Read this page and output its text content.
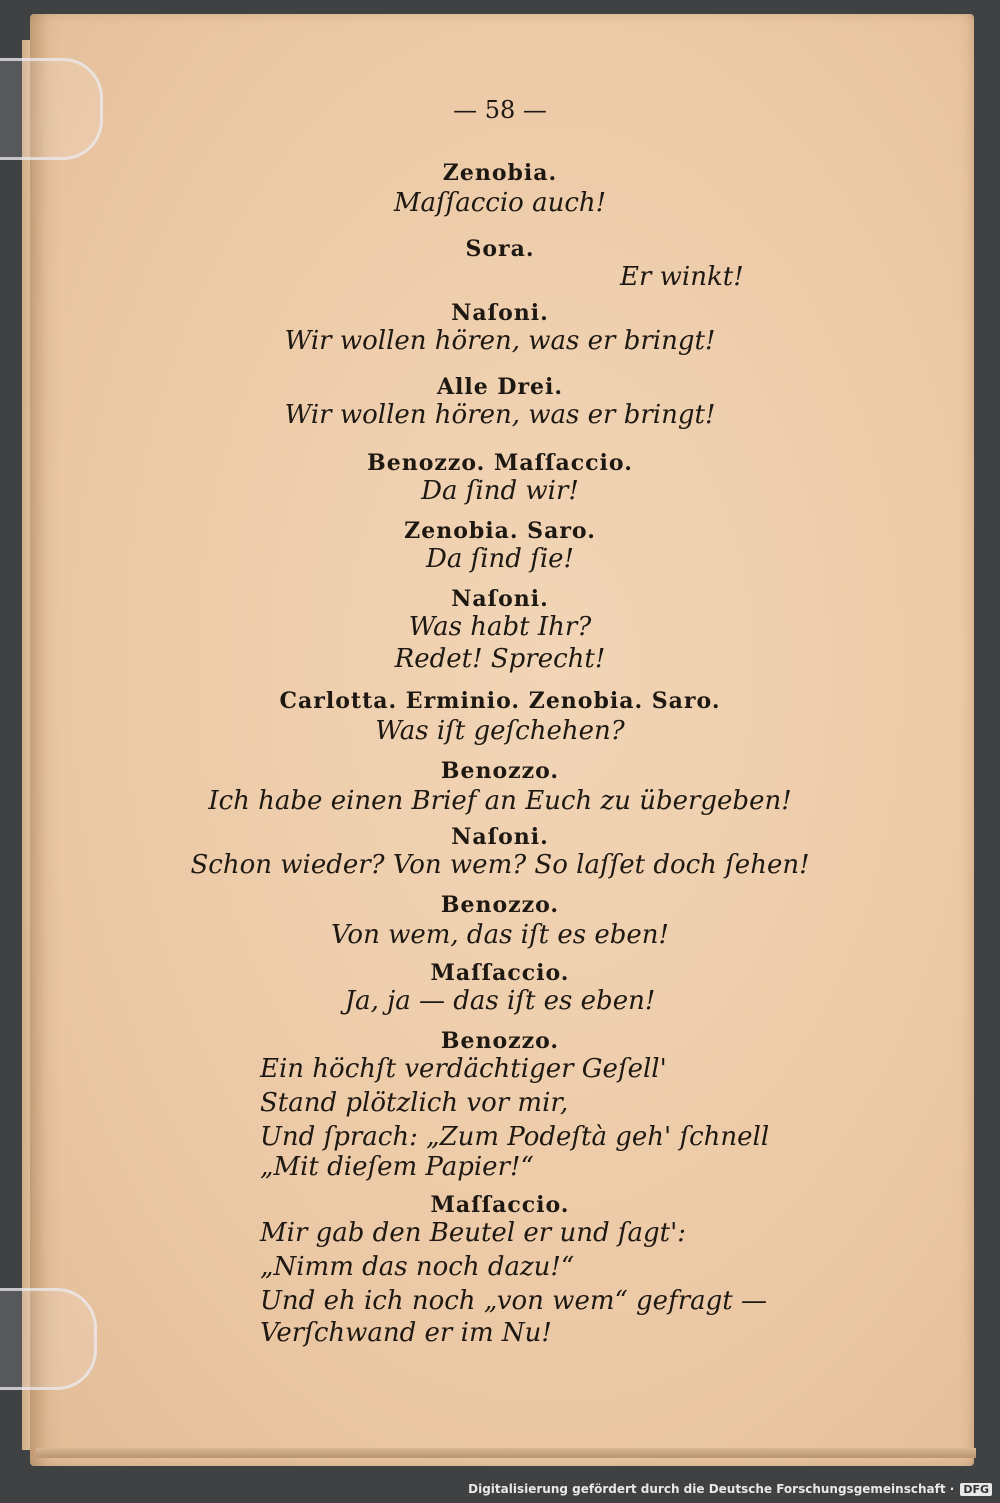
— 58 —
Zenobia.
Maſſaccio auch!
Sora.
Er winkt!
Naſoni.
Wir wollen hören, was er bringt!
Alle Drei.
Wir wollen hören, was er bringt!
Benozzo. Maſſaccio.
Da ſind wir!
Zenobia. Saro.
Da ſind ſie!
Naſoni.
Was habt Ihr?
Redet! Sprecht!
Carlotta. Erminio. Zenobia. Saro.
Was iſt geſchehen?
Benozzo.
Ich habe einen Brief an Euch zu übergeben!
Naſoni.
Schon wieder? Von wem? So laſſet doch ſehen!
Benozzo.
Von wem, das iſt es eben!
Maſſaccio.
Ja, ja — das iſt es eben!
Benozzo.
Ein höchſt verdächtiger Geſell'
Stand plötzlich vor mir,
Und ſprach: „Zum Podeſtà geh' ſchnell
„Mit dieſem Papier!“
Maſſaccio.
Mir gab den Beutel er und ſagt':
„Nimm das noch dazu!“
Und eh ich noch „von wem“ gefragt —
Verſchwand er im Nu!
Digitalisierung gefördert durch die Deutsche Forschungsgemeinschaft · DFG
